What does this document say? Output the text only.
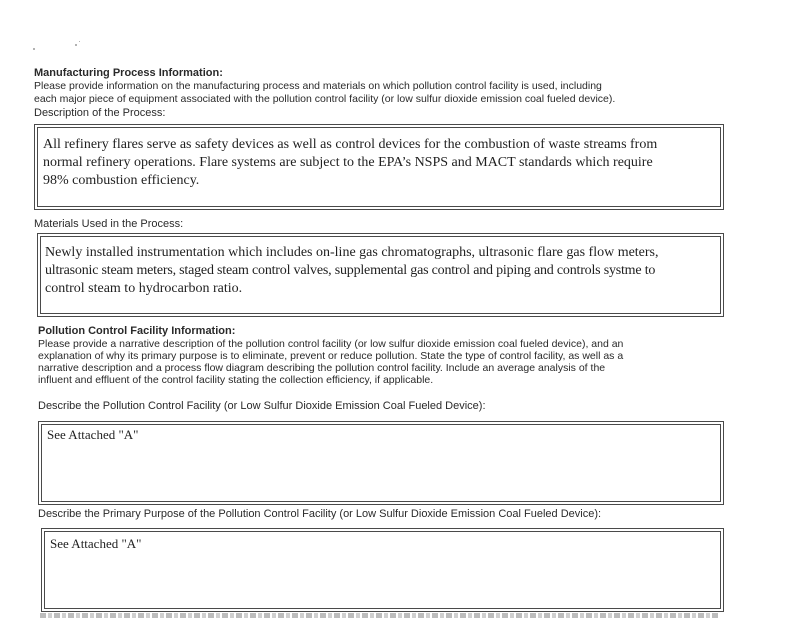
Manufacturing Process Information:

Please provide information on the manufacturing process and materials on which pollution control facility is used, including

each major piece of equipment associated with the pollution control facility (or low sulfur dioxide emission coal fueled device).

Description of the Process:

All refinery flares serve as safety devices as well as control devices for the combustion of waste streams from

normal refinery operations. Flare systems are subject to the EPA’s NSPS and MACT standards which require

98% combustion efficiency.

Materials Used in the Process:

Newly installed instrumentation which includes on-line gas chromatographs, ultrasonic flare gas flow meters,

ultrasonic steam meters, staged steam control valves, supplemental gas control and piping and controls systme to

control steam to hydrocarbon ratio.

Pollution Control Facility Information:

Please provide a narrative description of the pollution control facility (or low sulfur dioxide emission coal fueled device), and an

explanation of why its primary purpose is to eliminate, prevent or reduce pollution. State the type of control facility, as well as a

narrative description and a process flow diagram describing the pollution control facility. Include an average analysis of the

influent and effluent of the control facility stating the collection efficiency, if applicable.

Describe the Pollution Control Facility (or Low Sulfur Dioxide Emission Coal Fueled Device):

See Attached "A"

Describe the Primary Purpose of the Pollution Control Facility (or Low Sulfur Dioxide Emission Coal Fueled Device):

See Attached "A"
